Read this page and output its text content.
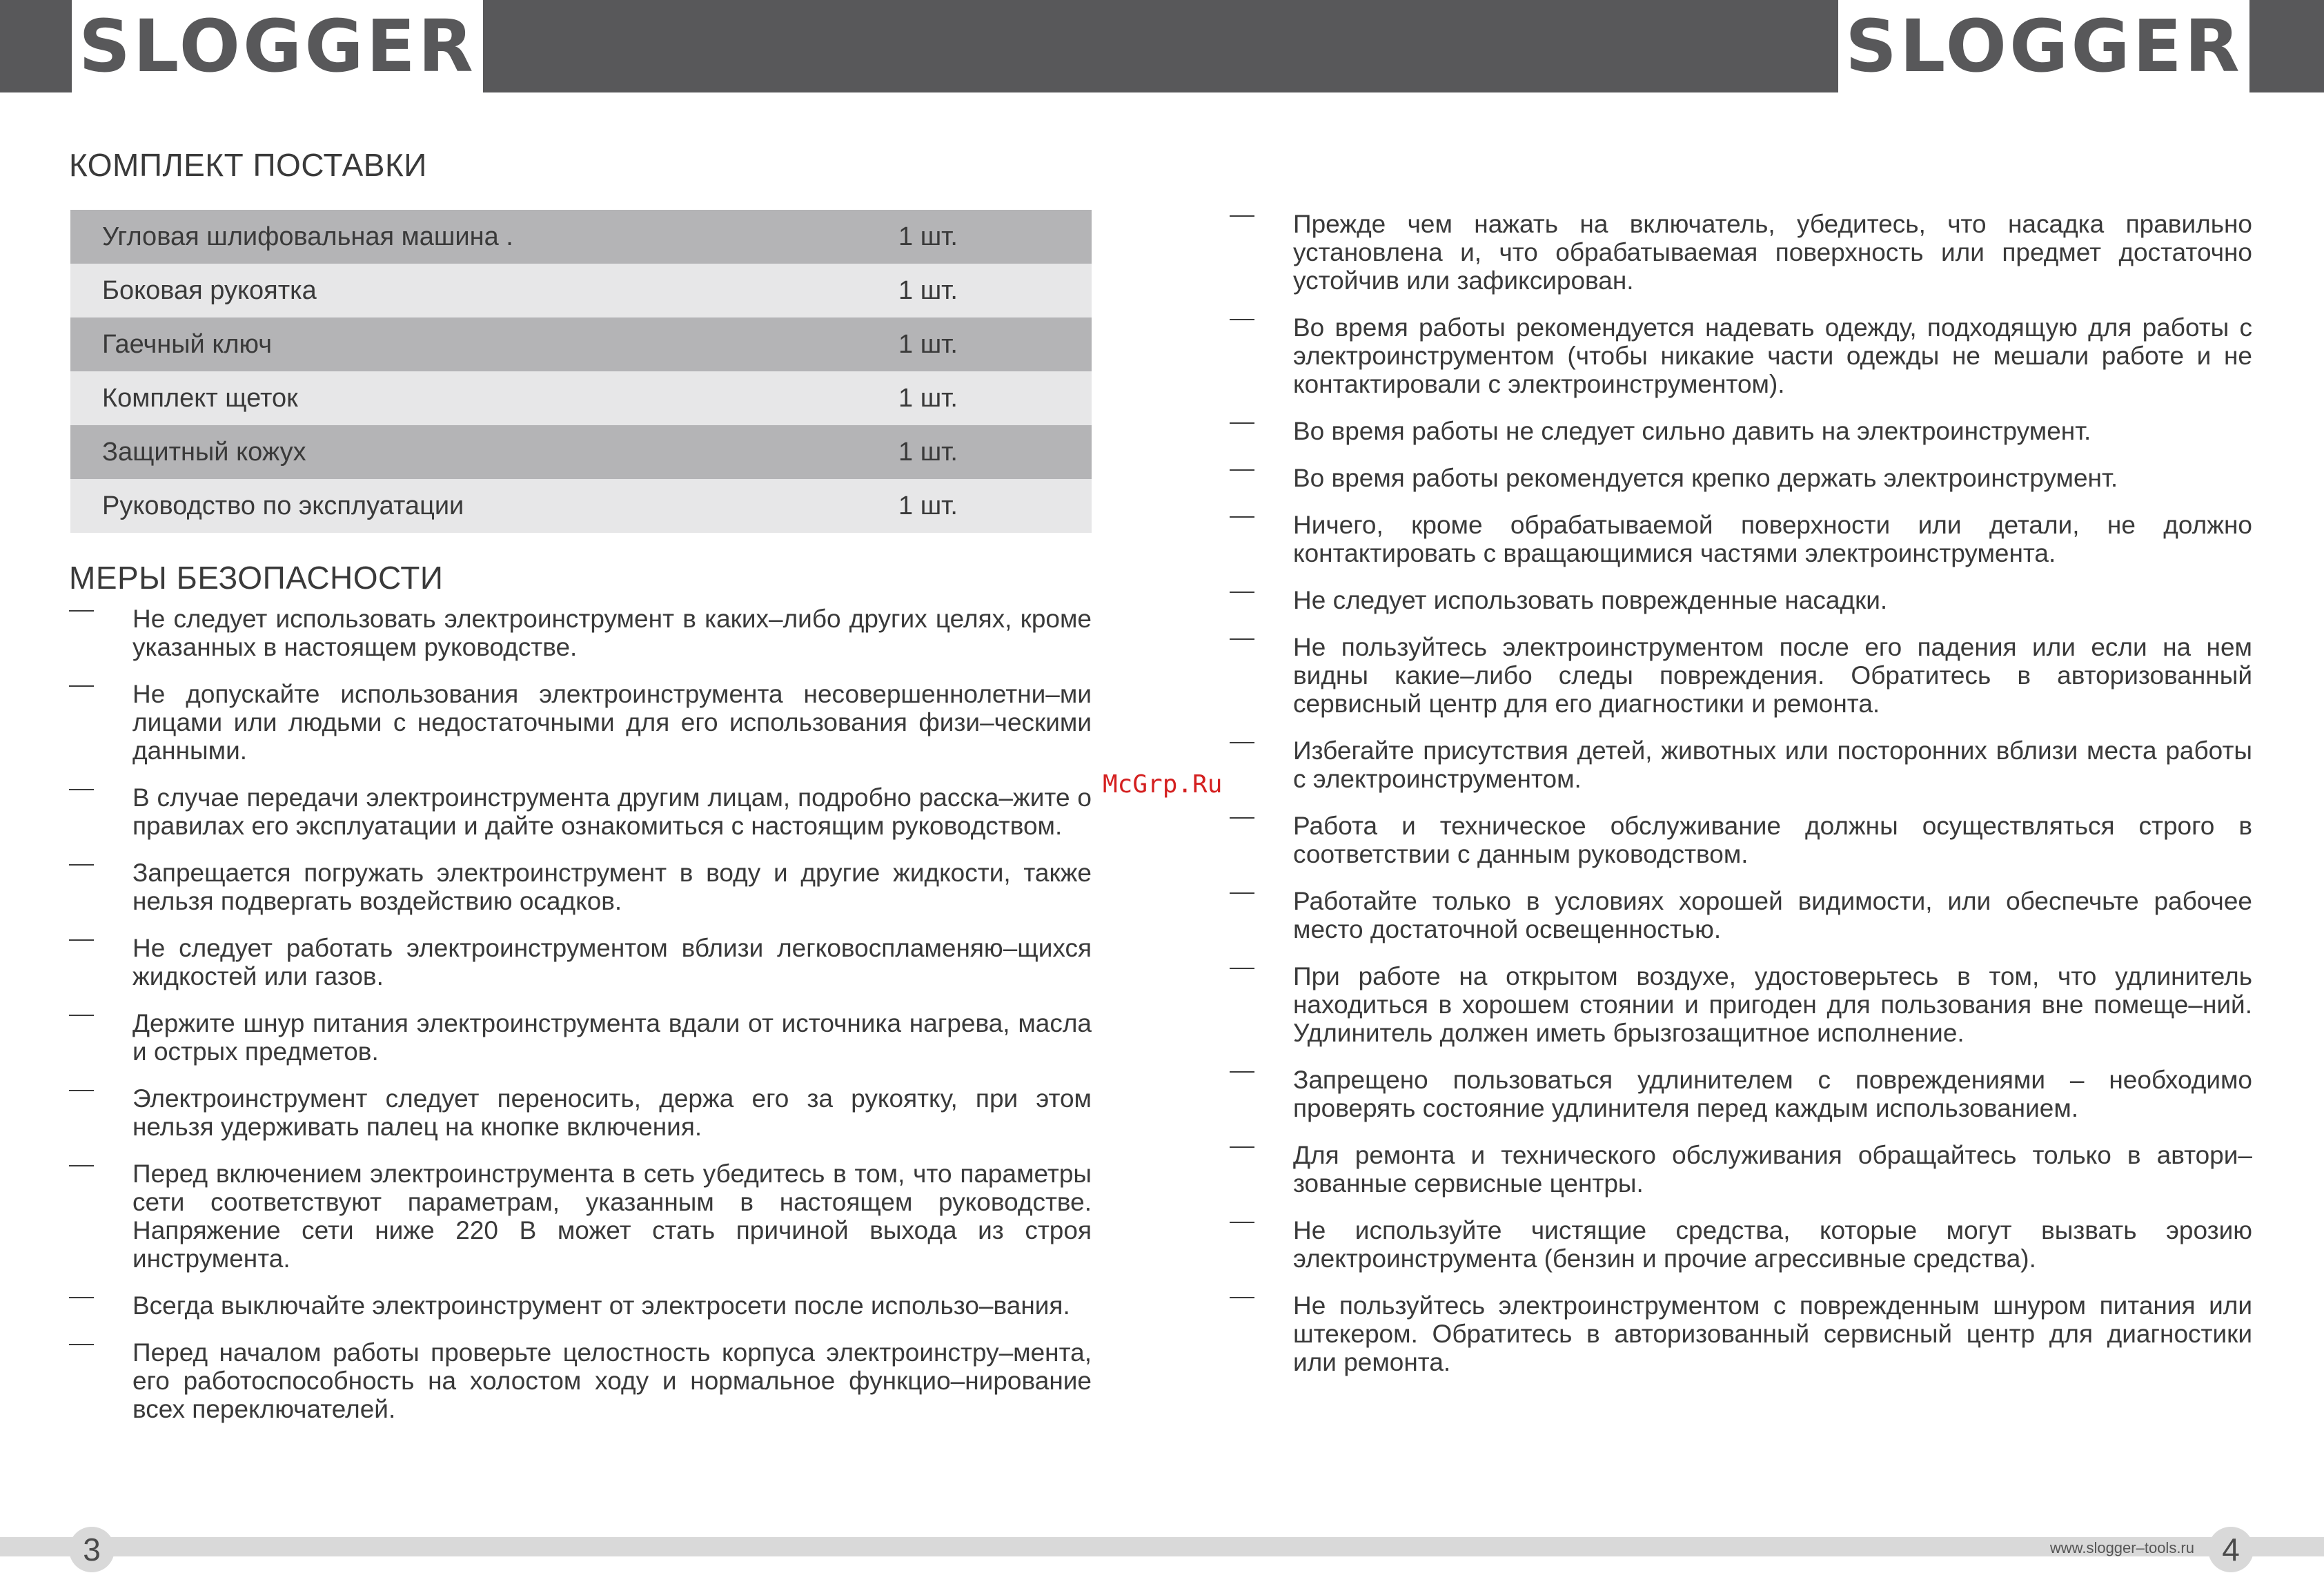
SLOGGER	SLOGGER
КОМПЛЕКТ ПОСТАВКИ
Угловая шлифовальная машина .	1 шт.
Боковая рукоятка	1 шт.
Гаечный ключ	1 шт.
Комплект щеток	1 шт.
Защитный кожух	1 шт.
Руководство по эксплуатации	1 шт.
МЕРЫ БЕЗОПАСНОСТИ
Не следует использовать электроинструмент в каких–либо других целях, кроме указанных в настоящем руководстве.
Не допускайте использования электроинструмента несовершеннолетни–ми лицами или людьми с недостаточными для его использования физи–ческими данными.
В случае передачи электроинструмента другим лицам, подробно расска–жите о правилах его эксплуатации и дайте ознакомиться с настоящим руководством.
Запрещается погружать электроинструмент в воду и другие жидкости, также нельзя подвергать воздействию осадков.
Не следует работать электроинструментом вблизи легковоспламеняю–щихся жидкостей или газов.
Держите шнур питания электроинструмента вдали от источника нагрева, масла и острых предметов.
Электроинструмент следует переносить, держа его за рукоятку, при этом нельзя удерживать палец на кнопке включения.
Перед включением электроинструмента в сеть убедитесь в том, что параметры сети соответствуют параметрам, указанным в настоящем руководстве. Напряжение сети ниже 220 В может стать причиной выхода из строя инструмента.
Всегда выключайте электроинструмент от электросети после использо–вания.
Перед началом работы проверьте целостность корпуса электроинстру–мента, его работоспособность на холостом ходу и нормальное функцио–нирование всех переключателей.
Прежде чем нажать на включатель, убедитесь, что насадка правильно установлена и, что обрабатываемая поверхность или предмет достаточно устойчив или зафиксирован.
Во время работы рекомендуется надевать одежду, подходящую для работы с электроинструментом (чтобы никакие части одежды не мешали работе и не контактировали с электроинструментом).
Во время работы не следует сильно давить на электроинструмент.
Во время работы рекомендуется крепко держать электроинструмент.
Ничего, кроме обрабатываемой поверхности или детали, не должно контактировать с вращающимися частями электроинструмента.
Не следует использовать поврежденные насадки.
Не пользуйтесь электроинструментом после его падения или если на нем видны какие–либо следы повреждения. Обратитесь в авторизованный сервисный центр для его диагностики и ремонта.
Избегайте присутствия детей, животных или посторонних вблизи места работы с электроинструментом.
Работа и техническое обслуживание должны осуществляться строго в соответствии с данным руководством.
Работайте только в условиях хорошей видимости, или обеспечьте рабочее место достаточной освещенностью.
При работе на открытом воздухе, удостоверьтесь в том, что удлинитель находиться в хорошем стоянии и пригоден для пользования вне помеще–ний. Удлинитель должен иметь брызгозащитное исполнение.
Запрещено пользоваться удлинителем с повреждениями – необходимо проверять состояние удлинителя перед каждым использованием.
Для ремонта и технического обслуживания обращайтесь только в автори–зованные сервисные центры.
Не используйте чистящие средства, которые могут вызвать эрозию электроинструмента (бензин и прочие агрессивные средства).
Не пользуйтесь электроинструментом с поврежденным шнуром питания или штекером. Обратитесь в авторизованный сервисный центр для диагностики или ремонта.
McGrp.Ru
3	www.slogger–tools.ru 4
